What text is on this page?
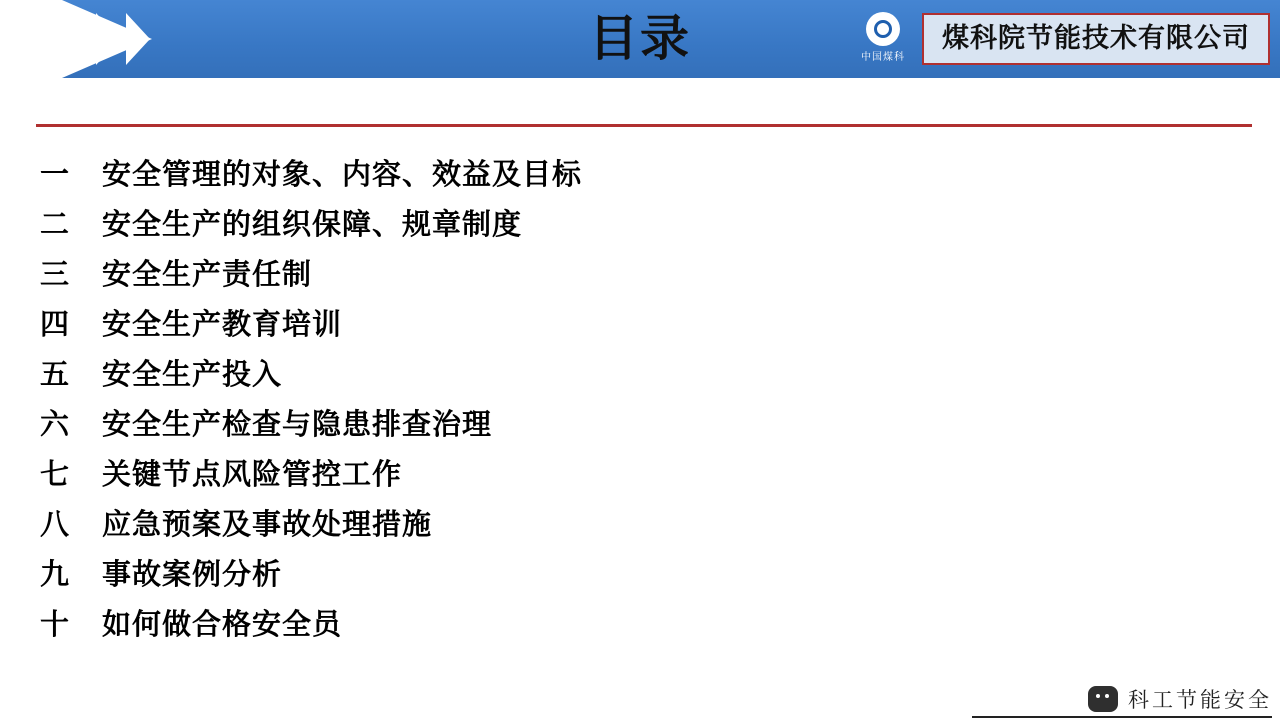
目录	中国煤科
煤科院节能技术有限公司
一	安全管理的对象、内容、效益及目标
二	安全生产的组织保障、规章制度
三	安全生产责任制
四	安全生产教育培训
五	安全生产投入
六	安全生产检查与隐患排查治理
七	关键节点风险管控工作
八	应急预案及事故处理措施
九	事故案例分析
十	如何做合格安全员
科工节能安全
